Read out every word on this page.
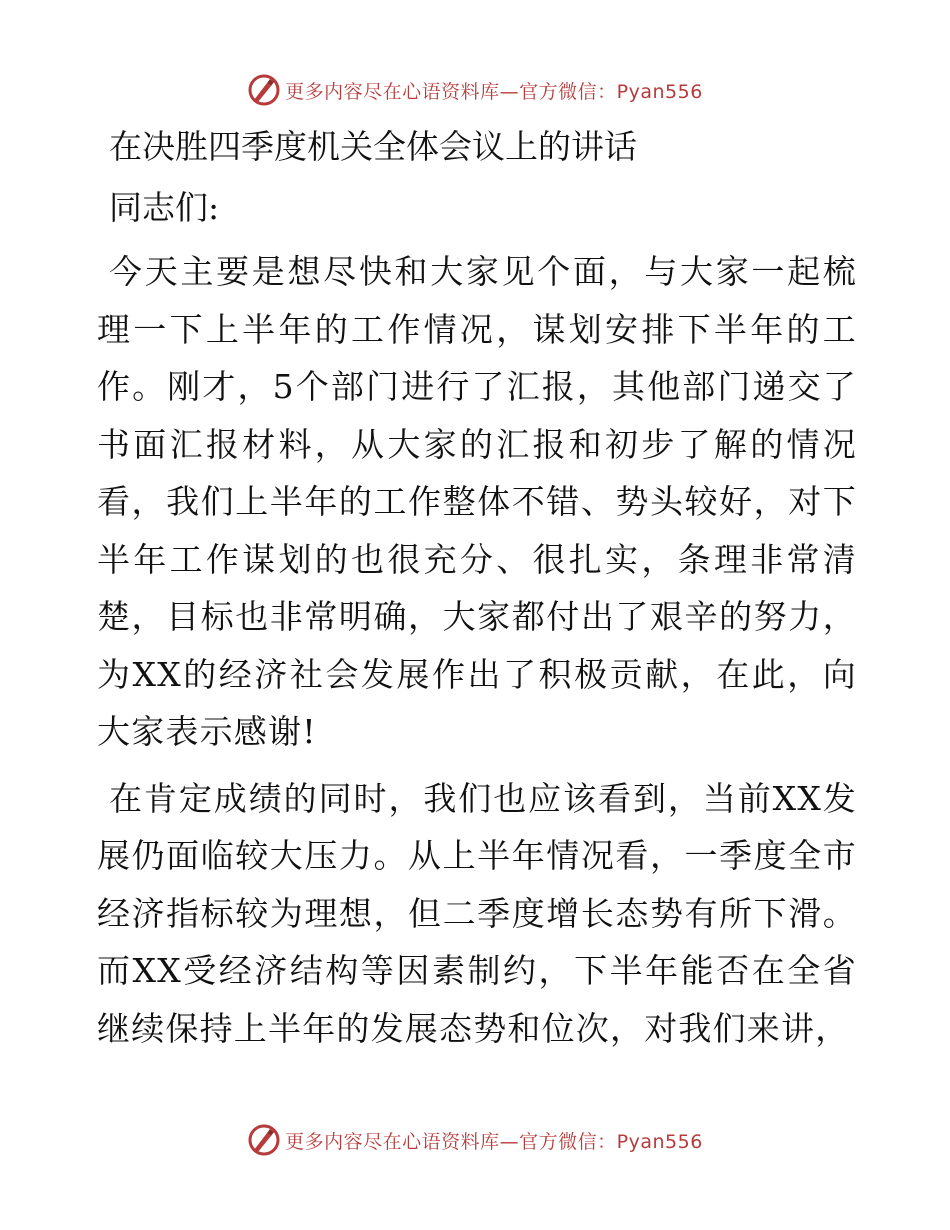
更多内容尽在心语资料库—官方微信：Pyan556
在决胜四季度机关全体会议上的讲话
同志们:

今天主要是想尽快和大家见个面，与大家一起梳理一下上半年的工作情况，谋划安排下半年的工作。刚才，5个部门进行了汇报，其他部门递交了书面汇报材料，从大家的汇报和初步了解的情况看，我们上半年的工作整体不错、势头较好，对下半年工作谋划的也很充分、很扎实，条理非常清楚，目标也非常明确，大家都付出了艰辛的努力，为XX的经济社会发展作出了积极贡献，在此，向大家表示感谢!

在肯定成绩的同时，我们也应该看到，当前XX发展仍面临较大压力。从上半年情况看，一季度全市经济指标较为理想，但二季度增长态势有所下滑。而XX受经济结构等因素制约，下半年能否在全省继续保持上半年的发展态势和位次，对我们来讲，

更多内容尽在心语资料库—官方微信：Pyan556
